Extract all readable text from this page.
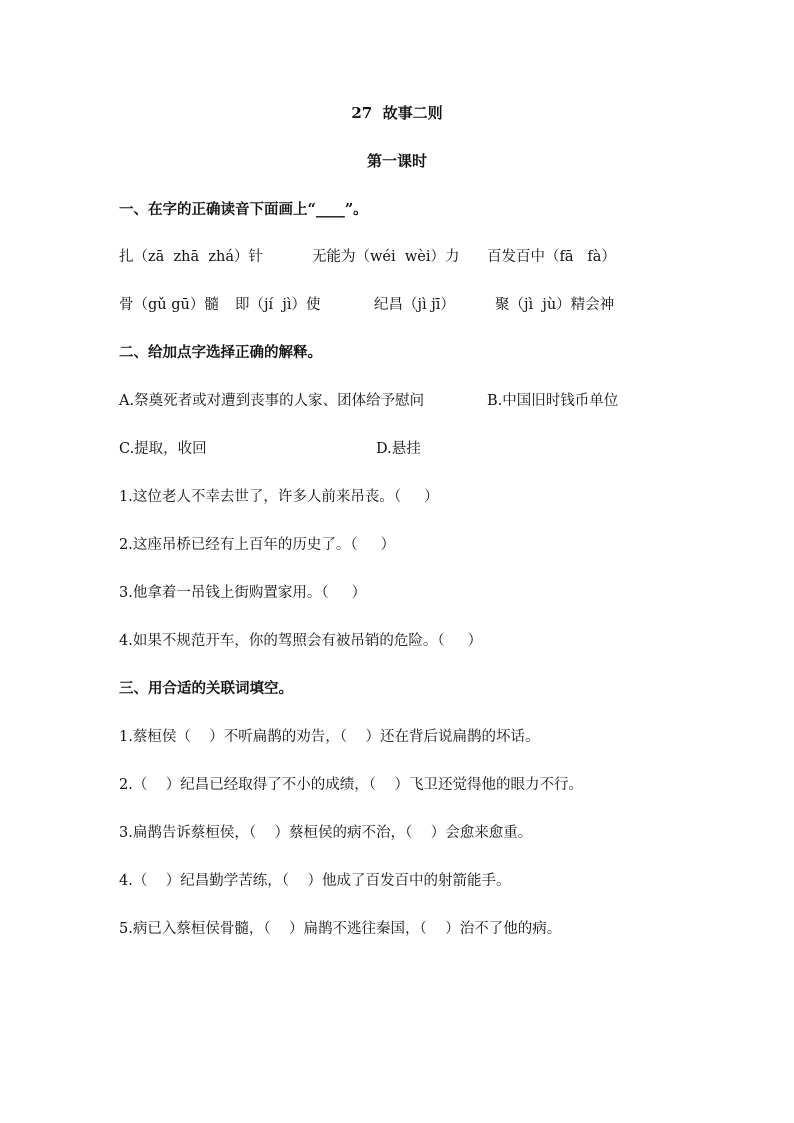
27  故事二则
第一课时
一、在字的正确读音下面画上“____”。

扎（zā  zhā  zhá）针

	无能为（wéi  wèi）力

百发百中（fā   fà）

骨（gǔ gū）髓

即（jí  jì）使

	纪昌（jì jī）

	聚（jì  jù）精会神

二、给加点字选择正确的解释。

A.祭奠死者或对遭到丧事的人家、团体给予慰问

	B.中国旧时钱币单位

C.提取，收回

	D.悬挂

1.这位老人不幸去世了，许多人前来吊丧。（     ）
2.这座吊桥已经有上百年的历史了。（     ）
3.他拿着一吊钱上街购置家用。（     ）
4.如果不规范开车，你的驾照会有被吊销的危险。（     ）
三、用合适的关联词填空。
1.蔡桓侯（    ）不听扁鹊的劝告，（    ）还在背后说扁鹊的坏话。
2.（    ）纪昌已经取得了不小的成绩，（    ）飞卫还觉得他的眼力不行。
3.扁鹊告诉蔡桓侯，（    ）蔡桓侯的病不治，（    ）会愈来愈重。
4.（    ）纪昌勤学苦练，（    ）他成了百发百中的射箭能手。
5.病已入蔡桓侯骨髓，（    ）扁鹊不逃往秦国，（    ）治不了他的病。
